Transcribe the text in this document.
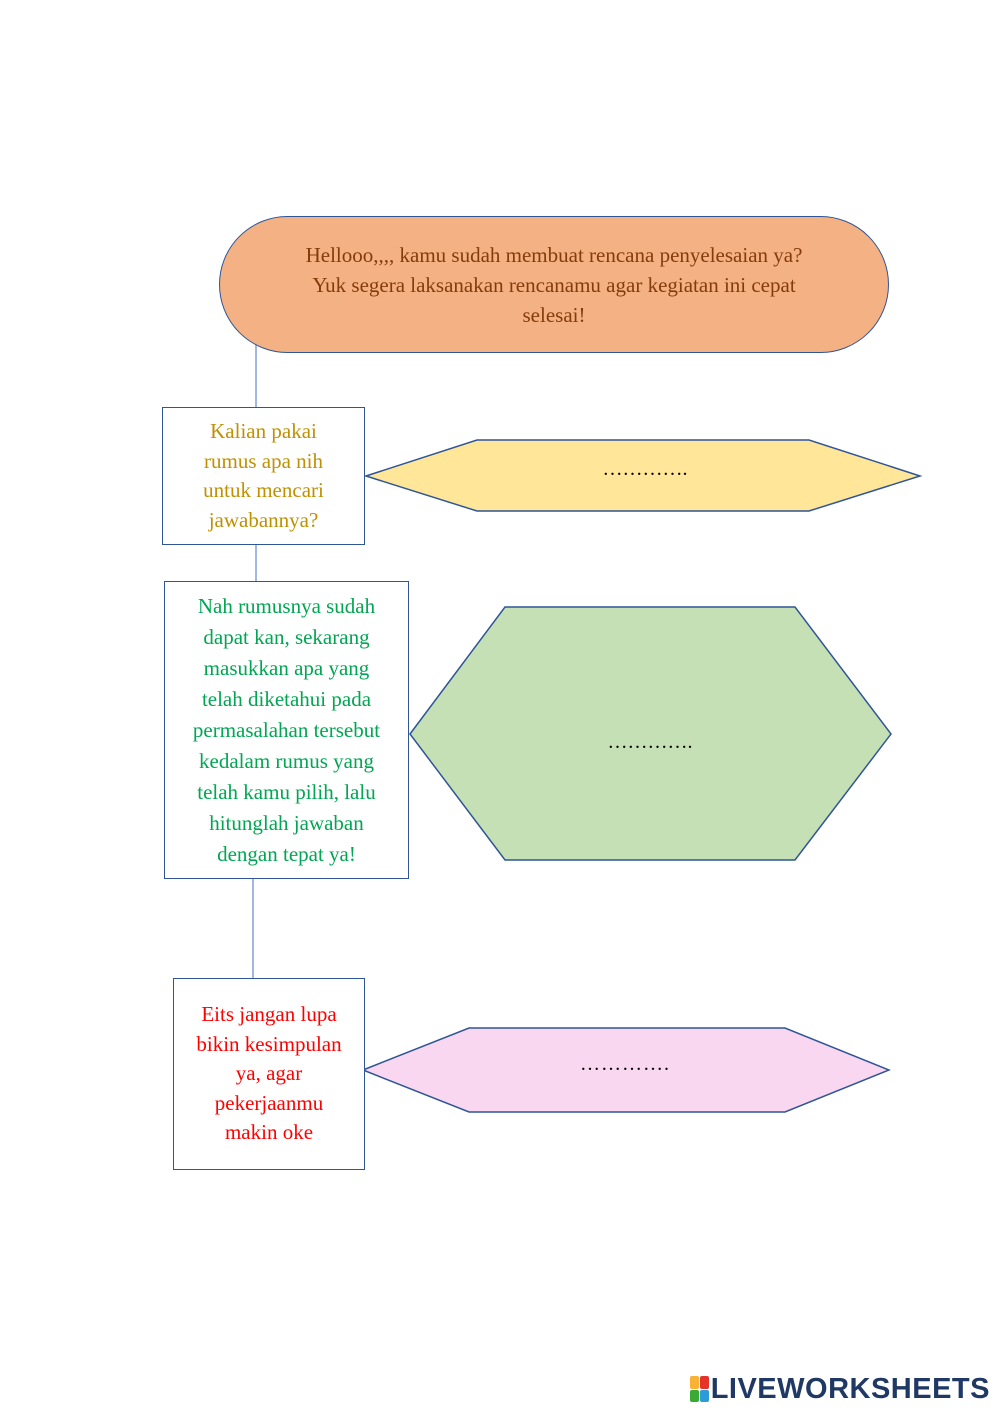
Hellooo,,,, kamu sudah membuat rencana penyelesaian ya?
Yuk segera laksanakan rencanamu agar kegiatan ini cepat
selesai!
………….
………….
………….
Kalian pakai
rumus apa nih
untuk mencari
jawabannya?
Nah rumusnya sudah
dapat kan, sekarang
masukkan apa yang
telah diketahui pada
permasalahan tersebut
kedalam rumus yang
telah kamu pilih, lalu
hitunglah jawaban
dengan tepat ya!
Eits jangan lupa
bikin kesimpulan
ya, agar
pekerjaanmu
makin oke
LIVEWORKSHEETS
